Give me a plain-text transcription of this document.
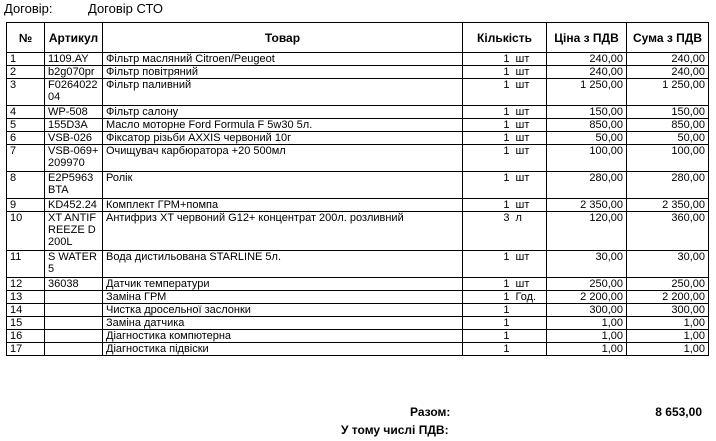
Договір:	Договір СТО
№	Артикул	Товар	Кількість		Ціна з ПДВ	Сума з ПДВ
1	1109.AY	Фільтр масляний Citroen/Peugeot	1	шт	240,00	240,00
2	b2g070pr	Фільтр повітряний	1	шт	240,00	240,00
3	F026402204	Фільтр паливний	1	шт	1 250,00	1 250,00
4	WP-508	Фільтр салону	1	шт	150,00	150,00
5	155D3A	Масло моторне Ford Formula F 5w30 5л.	1	шт	850,00	850,00
6	VSB-026	Фіксатор різьби AXXIS червоний 10г	1	шт	50,00	50,00
7	VSB-069+209970	Очищувач карбюратора +20 500мл	1	шт	100,00	100,00
8	E2P5963BTA	Ролік	1	шт	280,00	280,00
9	KD452.24	Комплект ГРМ+помпа	1	шт	2 350,00	2 350,00
10	XT ANTIFREEZE D 200L	Антифриз XT червоний G12+ концентрат 200л. розливний	3	л	120,00	360,00
11	S WATER 5	Вода дистильована STARLINE 5л.	1	шт	30,00	30,00
12	36038	Датчик температури	1	шт	250,00	250,00
13		Заміна ГРМ	1	Год.	2 200,00	2 200,00
14		Чистка дросельної заслонки	1		300,00	300,00
15		Заміна датчика	1		1,00	1,00
16		Діагностика компютерна	1		1,00	1,00
17		Діагностика підвіски	1		1,00	1,00
Разом:	8 653,00
У тому числі ПДВ:
